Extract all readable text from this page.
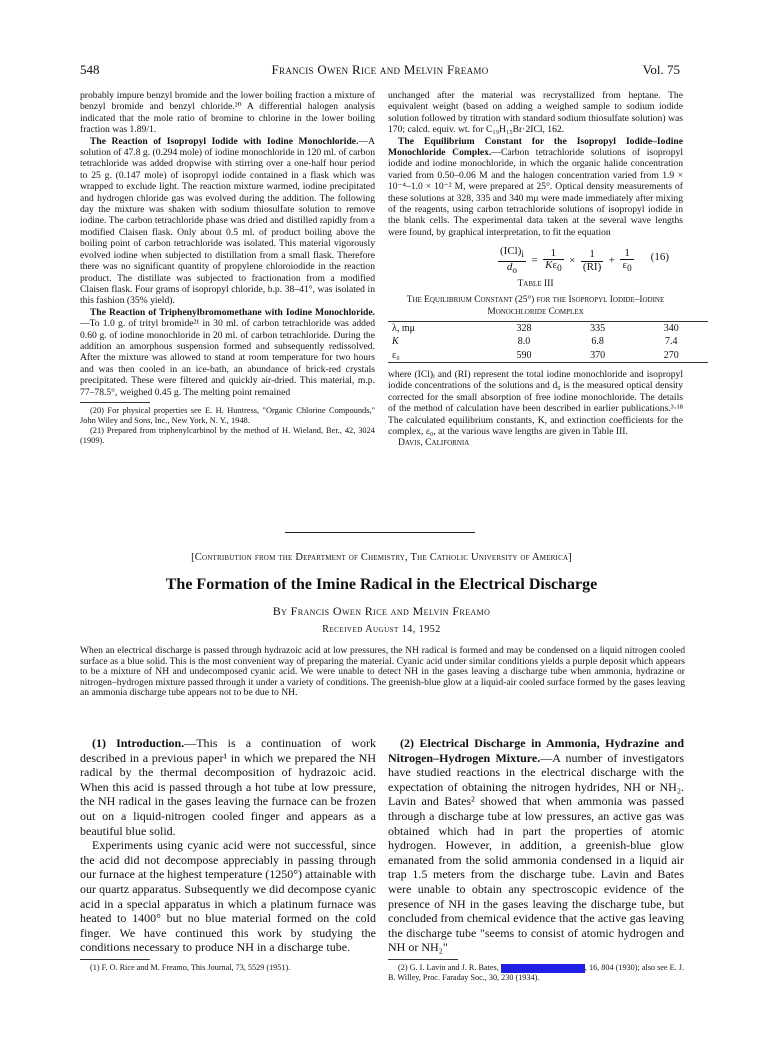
548	Francis Owen Rice and Melvin Freamo	Vol. 75

probably impure benzyl bromide and the lower boiling fraction a mixture of benzyl bromide and benzyl chloride.²⁰ A differential halogen analysis indicated that the mole ratio of bromine to chlorine in the lower boiling fraction was 1.89/1.

The Reaction of Isopropyl Iodide with Iodine Monochloride.—A solution of 47.8 g. (0.294 mole) of iodine monochloride in 120 ml. of carbon tetrachloride was added dropwise with stirring over a one-half hour period to 25 g. (0.147 mole) of isopropyl iodide contained in a flask which was wrapped to exclude light. The reaction mixture warmed, iodine precipitated and hydrogen chloride gas was evolved during the addition. The following day the mixture was shaken with sodium thiosulfate solution to remove iodine. The carbon tetrachloride phase was dried and distilled rapidly from a modified Claisen flask. Only about 0.5 ml. of product boiling above the boiling point of carbon tetrachloride was isolated. This material vigorously evolved iodine when subjected to distillation from a small flask. Therefore there was no significant quantity of propylene chloroiodide in the reaction product. The distillate was subjected to fractionation from a modified Claisen flask. Four grams of isopropyl chloride, b.p. 38–41°, was isolated in this fashion (35% yield).

The Reaction of Triphenylbromomethane with Iodine Monochloride.—To 1.0 g. of trityl bromide²¹ in 30 ml. of carbon tetrachloride was added 0.60 g. of iodine monochloride in 20 ml. of carbon tetrachloride. During the addition an amorphous suspension formed and subsequently redissolved. After the mixture was allowed to stand at room temperature for two hours and was then cooled in an ice-bath, an abundance of brick-red crystals precipitated. These were filtered and quickly air-dried. This material, m.p. 77–78.5°, weighed 0.45 g. The melting point remained

(20) For physical properties see E. H. Huntress, "Organic Chlorine Compounds," John Wiley and Sons, Inc., New York, N. Y., 1948.

(21) Prepared from triphenylcarbinol by the method of H. Wieland, Ber., 42, 3024 (1909).

unchanged after the material was recrystallized from heptane. The equivalent weight (based on adding a weighed sample to sodium iodide solution followed by titration with standard sodium thiosulfate solution) was 170; calcd. equiv. wt. for C₁₉H₁₅Br·2ICl, 162.

The Equilibrium Constant for the Isopropyl Iodide–Iodine Monochloride Complex.—Carbon tetrachloride solutions of isopropyl iodide and iodine monochloride, in which the organic halide concentration varied from 0.50–0.06 M and the halogen concentration varied from 1.9 × 10⁻⁴–1.0 × 10⁻² M, were prepared at 25°. Optical density measurements of these solutions at 328, 335 and 340 mμ were made immediately after mixing of the reagents, using carbon tetrachloride solutions of isopropyl iodide in the blank cells. The experimental data taken at the several wave lengths were found, by graphical interpretation, to fit the equation

$\frac{(ICl)_i}{d_o} = \frac{1}{K\varepsilon_0} \times \frac{1}{(RI)} + \frac{1}{\varepsilon_0} (16)$
Table III
The Equilibrium Constant (25°) for the Isopropyl Iodide–Iodine Monochloride Complex
λ, mμ	328	335	340
K	8.0	6.8	7.4
ε₀	590	370	270

where (ICl)ᵢ and (RI) represent the total iodine monochloride and isopropyl iodide concentrations of the solutions and d₀ is the measured optical density corrected for the small absorption of free iodine monochloride. The details of the method of calculation have been described in earlier publications.³·¹⁸ The calculated equilibrium constants, K, and extinction coefficients for the complex, ε₀, at the various wave lengths are given in Table III.

Davis, California

[Contribution from the Department of Chemistry, The Catholic University of America]
The Formation of the Imine Radical in the Electrical Discharge
By Francis Owen Rice and Melvin Freamo
Received August 14, 1952
When an electrical discharge is passed through hydrazoic acid at low pressures, the NH radical is formed and may be condensed on a liquid nitrogen cooled surface as a blue solid. This is the most convenient way of preparing the material. Cyanic acid under similar conditions yields a purple deposit which appears to be a mixture of NH and undecomposed cyanic acid. We were unable to detect NH in the gases leaving a discharge tube when ammonia, hydrazine or nitrogen–hydrogen mixture passed through it under a variety of conditions. The greenish-blue glow at a liquid-air cooled surface formed by the gases leaving an ammonia discharge tube appears not to be due to NH.

(1) Introduction.—This is a continuation of work described in a previous paper¹ in which we prepared the NH radical by the thermal decomposition of hydrazoic acid. When this acid is passed through a hot tube at low pressure, the NH radical in the gases leaving the furnace can be frozen out on a liquid-nitrogen cooled finger and appears as a beautiful blue solid.

Experiments using cyanic acid were not successful, since the acid did not decompose appreciably in passing through our furnace at the highest temperature (1250°) attainable with our quartz apparatus. Subsequently we did decompose cyanic acid in a special apparatus in which a platinum furnace was heated to 1400° but no blue material formed on the cold finger. We have continued this work by studying the conditions necessary to produce NH in a discharge tube.

(1) F. O. Rice and M. Freamo, This Journal, 73, 5529 (1951).

(2) Electrical Discharge in Ammonia, Hydrazine and Nitrogen–Hydrogen Mixture.—A number of investigators have studied reactions in the electrical discharge with the expectation of obtaining the nitrogen hydrides, NH or NH₂. Lavin and Bates² showed that when ammonia was passed through a discharge tube at low pressures, an active gas was obtained which had in part the properties of atomic hydrogen. However, in addition, a greenish-blue glow emanated from the solid ammonia condensed in a liquid air trap 1.5 meters from the discharge tube. Lavin and Bates were unable to obtain any spectroscopic evidence of the presence of NH in the gases leaving the discharge tube, but concluded from chemical evidence that the active gas leaving the discharge tube "seems to consist of atomic hydrogen and NH or NH₂"

(2) G. I. Lavin and J. R. Bates,	, 16, 804 (1930); also see E. J. B. Willey, Proc. Faraday Soc., 30, 230 (1934).
